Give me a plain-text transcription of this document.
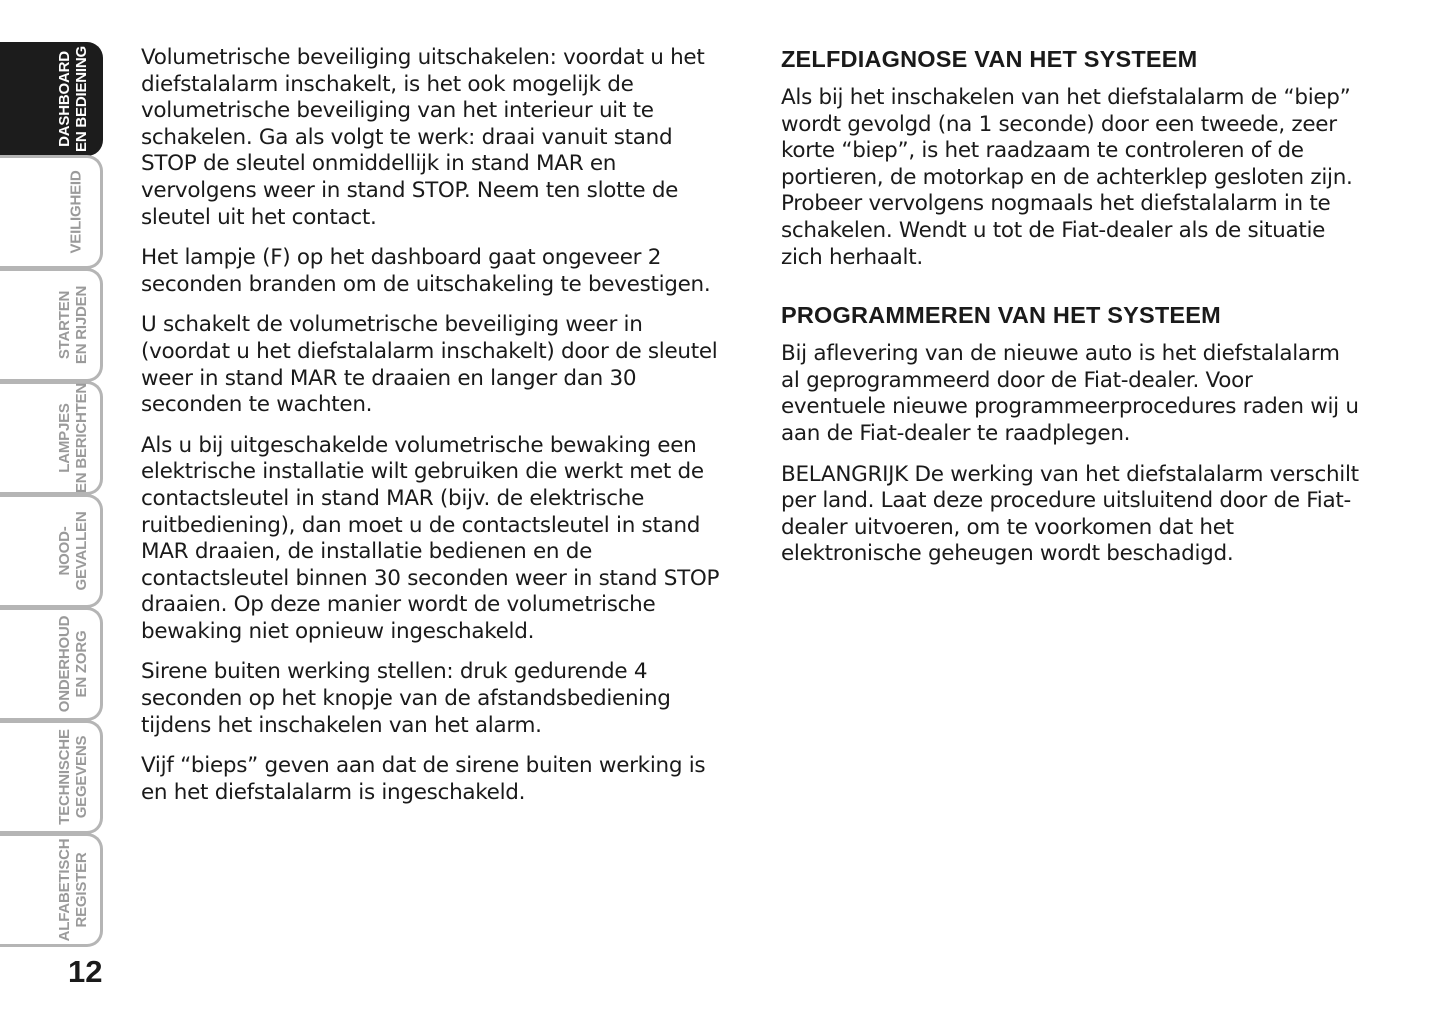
DASHBOARD EN BEDIENING
VEILIGHEID
STARTEN EN RIJDEN
LAMPJES EN BERICHTEN
NOOD- GEVALLEN
ONDERHOUD EN ZORG
TECHNISCHE GEGEVENS
ALFABETISCH REGISTER
12

Volumetrische beveiliging uitschakelen: voordat u het diefstalalarm inschakelt, is het ook mogelijk de volumetrische beveiliging van het interieur uit te schakelen. Ga als volgt te werk: draai vanuit stand STOP de sleutel onmiddellijk in stand MAR en vervolgens weer in stand STOP. Neem ten slotte de sleutel uit het contact.

Het lampje (F) op het dashboard gaat ongeveer 2 seconden branden om de uitschakeling te bevestigen.

U schakelt de volumetrische beveiliging weer in (voordat u het diefstalalarm inschakelt) door de sleutel weer in stand MAR te draaien en langer dan 30 seconden te wachten.

Als u bij uitgeschakelde volumetrische bewaking een elektrische installatie wilt gebruiken die werkt met de contactsleutel in stand MAR (bijv. de elektrische ruitbediening), dan moet u de contactsleutel in stand MAR draaien, de installatie bedienen en de contactsleutel binnen 30 seconden weer in stand STOP draaien. Op deze manier wordt de volumetrische bewaking niet opnieuw ingeschakeld.

Sirene buiten werking stellen: druk gedurende 4 seconden op het knopje van de afstandsbediening tijdens het inschakelen van het alarm.

Vijf “bieps” geven aan dat de sirene buiten werking is en het diefstalalarm is ingeschakeld.

ZELFDIAGNOSE VAN HET SYSTEEM

Als bij het inschakelen van het diefstalalarm de “biep” wordt gevolgd (na 1 seconde) door een tweede, zeer korte “biep”, is het raadzaam te controleren of de portieren, de motorkap en de achterklep gesloten zijn. Probeer vervolgens nogmaals het diefstalalarm in te schakelen. Wendt u tot de Fiat-dealer als de situatie zich herhaalt.

PROGRAMMEREN VAN HET SYSTEEM

Bij aflevering van de nieuwe auto is het diefstalalarm al geprogrammeerd door de Fiat-dealer. Voor eventuele nieuwe programmeerprocedures raden wij u aan de Fiat-dealer te raadplegen.

BELANGRIJK De werking van het diefstalalarm verschilt per land. Laat deze procedure uitsluitend door de Fiat-dealer uitvoeren, om te voorkomen dat het elektronische geheugen wordt beschadigd.
